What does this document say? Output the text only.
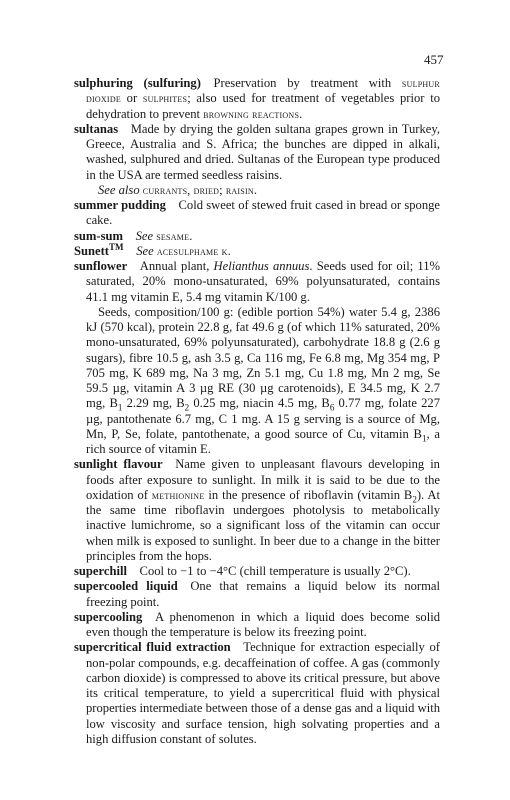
457

sulphuring (sulfuring)  Preservation by treatment with sulphur dioxide or sulphites; also used for treatment of vegetables prior to dehydration to prevent browning reactions.

sultanas  Made by drying the golden sultana grapes grown in Turkey, Greece, Australia and S. Africa; the bunches are dipped in alkali, washed, sulphured and dried. Sultanas of the European type produced in the USA are termed seedless raisins.

See also currants, dried; raisin.

summer pudding  Cold sweet of stewed fruit cased in bread or sponge cake.

sum-sum  See sesame.

Sunett™  See acesulphame k.

sunflower  Annual plant, Helianthus annuus. Seeds used for oil; 11% saturated, 20% mono-unsaturated, 69% polyunsaturated, contains 41.1 mg vitamin E, 5.4 mg vitamin K/100 g.

Seeds, composition/100 g: (edible portion 54%) water 5.4 g, 2386 kJ (570 kcal), protein 22.8 g, fat 49.6 g (of which 11% saturated, 20% mono-unsaturated, 69% polyunsaturated), carbohydrate 18.8 g (2.6 g sugars), fibre 10.5 g, ash 3.5 g, Ca 116 mg, Fe 6.8 mg, Mg 354 mg, P 705 mg, K 689 mg, Na 3 mg, Zn 5.1 mg, Cu 1.8 mg, Mn 2 mg, Se 59.5 µg, vitamin A 3 µg RE (30 µg carotenoids), E 34.5 mg, K 2.7 mg, $B_1$ 2.29 mg, $B_2$ 0.25 mg, niacin 4.5 mg, $B_6$ 0.77 mg, folate 227 µg, pantothenate 6.7 mg, C 1 mg. A 15 g serving is a source of Mg, Mn, P, Se, folate, pantothenate, a good source of Cu, vitamin $B_1$, a rich source of vitamin E.

sunlight flavour  Name given to unpleasant flavours developing in foods after exposure to sunlight. In milk it is said to be due to the oxidation of methionine in the presence of riboflavin (vitamin $B_2$). At the same time riboflavin undergoes photolysis to metabolically inactive lumichrome, so a significant loss of the vitamin can occur when milk is exposed to sunlight. In beer due to a change in the bitter principles from the hops.

superchill  Cool to −1 to −4°C (chill temperature is usually 2°C).

supercooled liquid  One that remains a liquid below its normal freezing point.

supercooling  A phenomenon in which a liquid does become solid even though the temperature is below its freezing point.

supercritical fluid extraction  Technique for extraction especially of non-polar compounds, e.g. decaffeination of coffee. A gas (commonly carbon dioxide) is compressed to above its critical pressure, but above its critical temperature, to yield a supercritical fluid with physical properties intermediate between those of a dense gas and a liquid with low viscosity and surface tension, high solvating properties and a high diffusion constant of solutes.
